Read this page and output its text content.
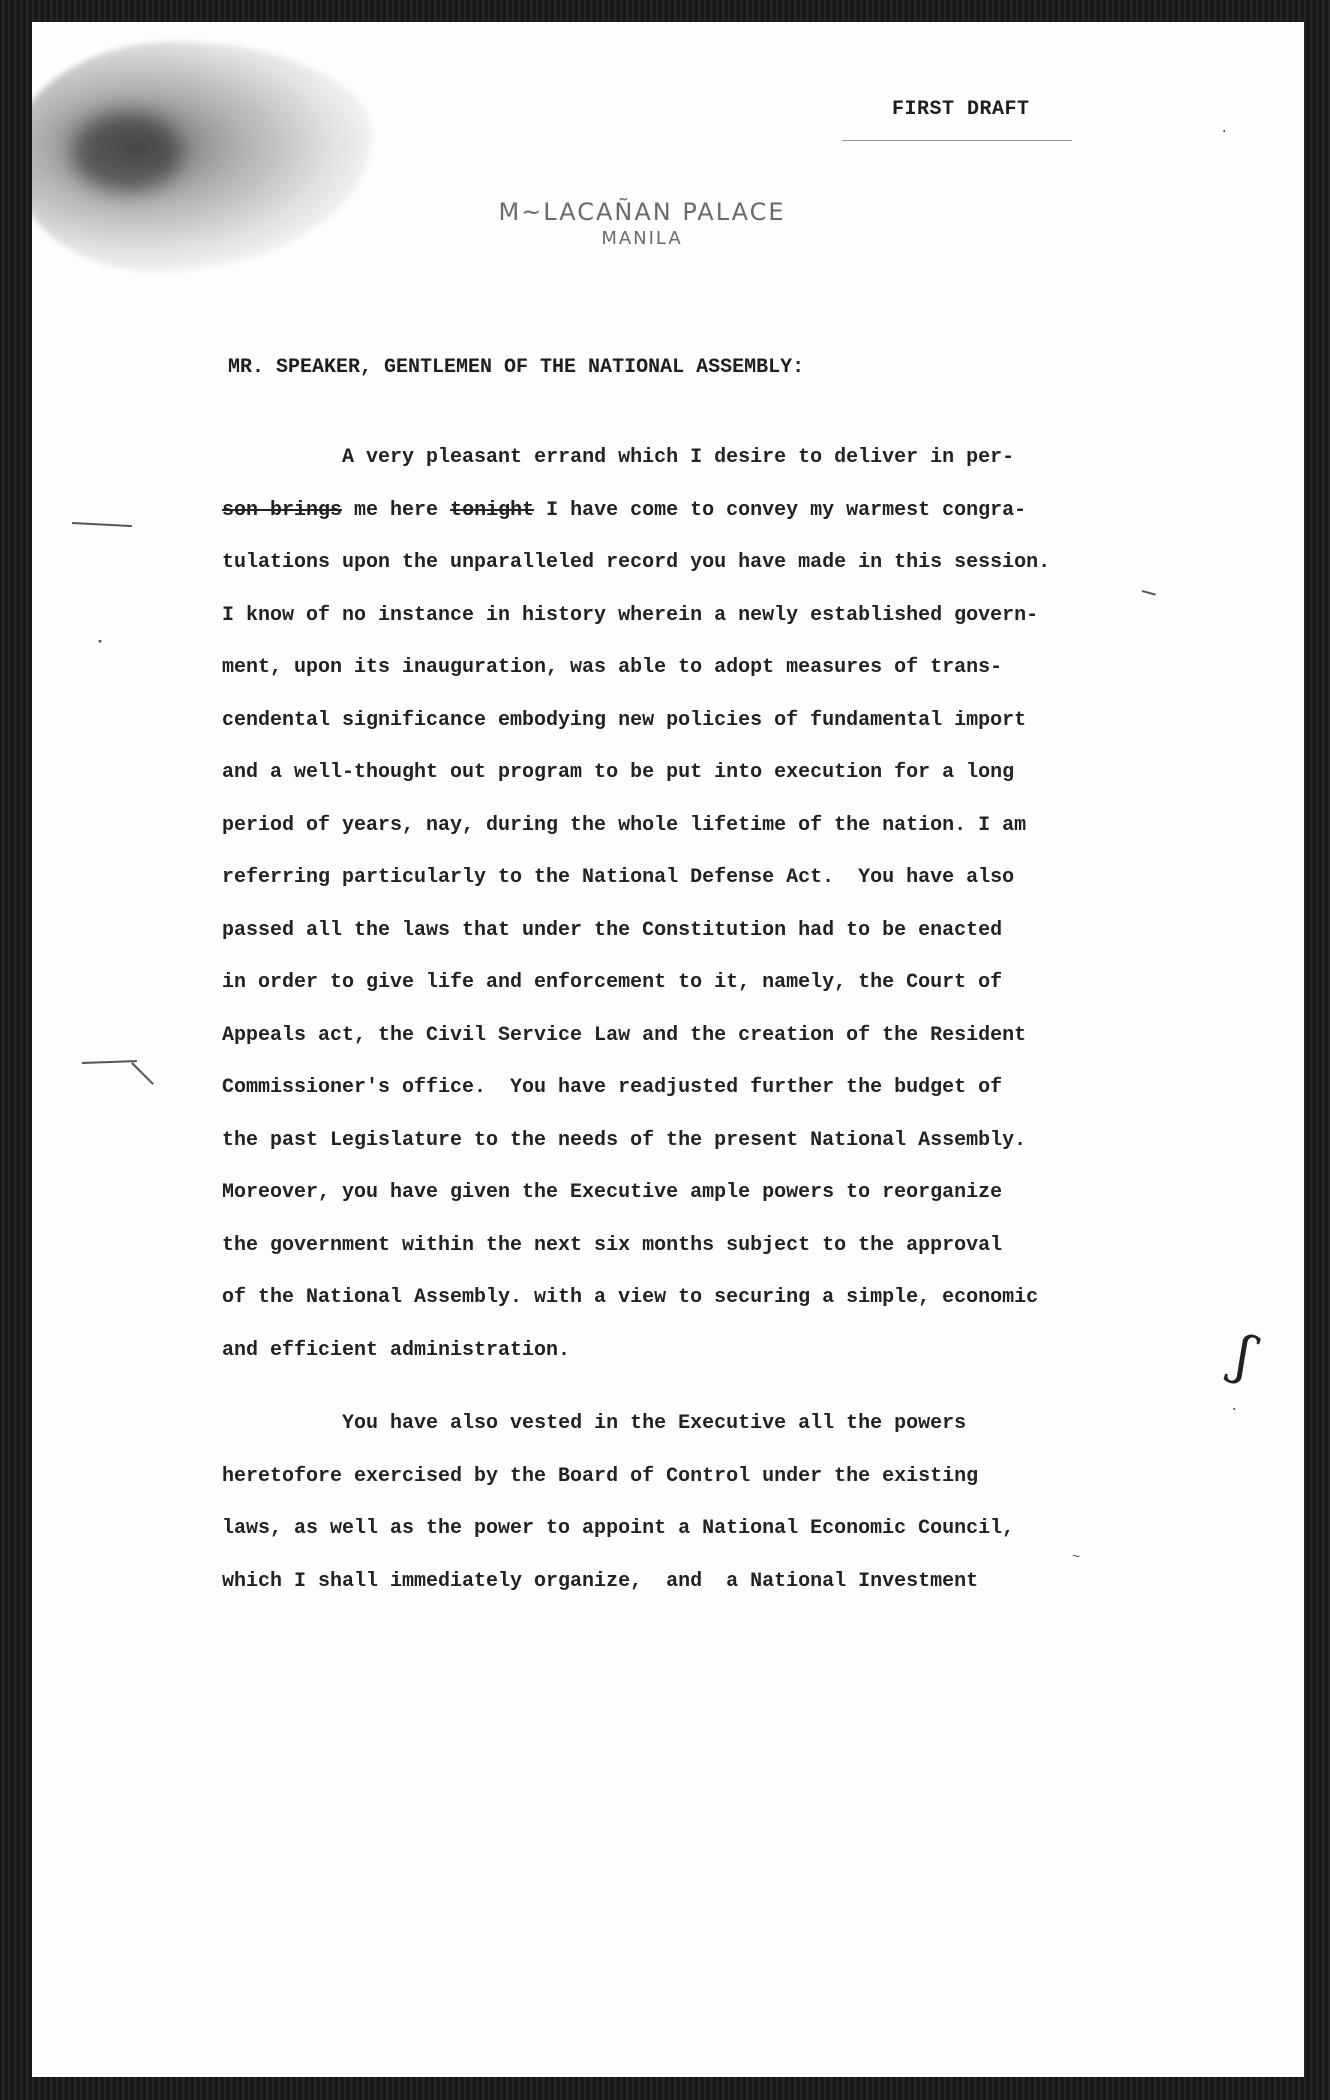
⬝
·
·
~
FIRST DRAFT
M~LACAÑAN PALACE
MANILA
MR. SPEAKER, GENTLEMEN OF THE NATIONAL ASSEMBLY:
A very pleasant errand which I desire to deliver in per-
son brings me here tonight I have come to convey my warmest congra-
tulations upon the unparalleled record you have made in this session.
I know of no instance in history wherein a newly established govern-
ment, upon its inauguration, was able to adopt measures of trans-
cendental significance embodying new policies of fundamental import
and a well-thought out program to be put into execution for a long
period of years, nay, during the whole lifetime of the nation. I am
referring particularly to the National Defense Act.  You have also
passed all the laws that under the Constitution had to be enacted
in order to give life and enforcement to it, namely, the Court of
Appeals act, the Civil Service Law and the creation of the Resident
Commissioner's office.  You have readjusted further the budget of
the past Legislature to the needs of the present National Assembly.
Moreover, you have given the Executive ample powers to reorganize
the government within the next six months subject to the approval
of the National Assembly. with a view to securing a simple, economic
and efficient administration.
You have also vested in the Executive all the powers
heretofore exercised by the Board of Control under the existing
laws, as well as the power to appoint a National Economic Council,
which I shall immediately organize,  and  a National Investment
ʃ
